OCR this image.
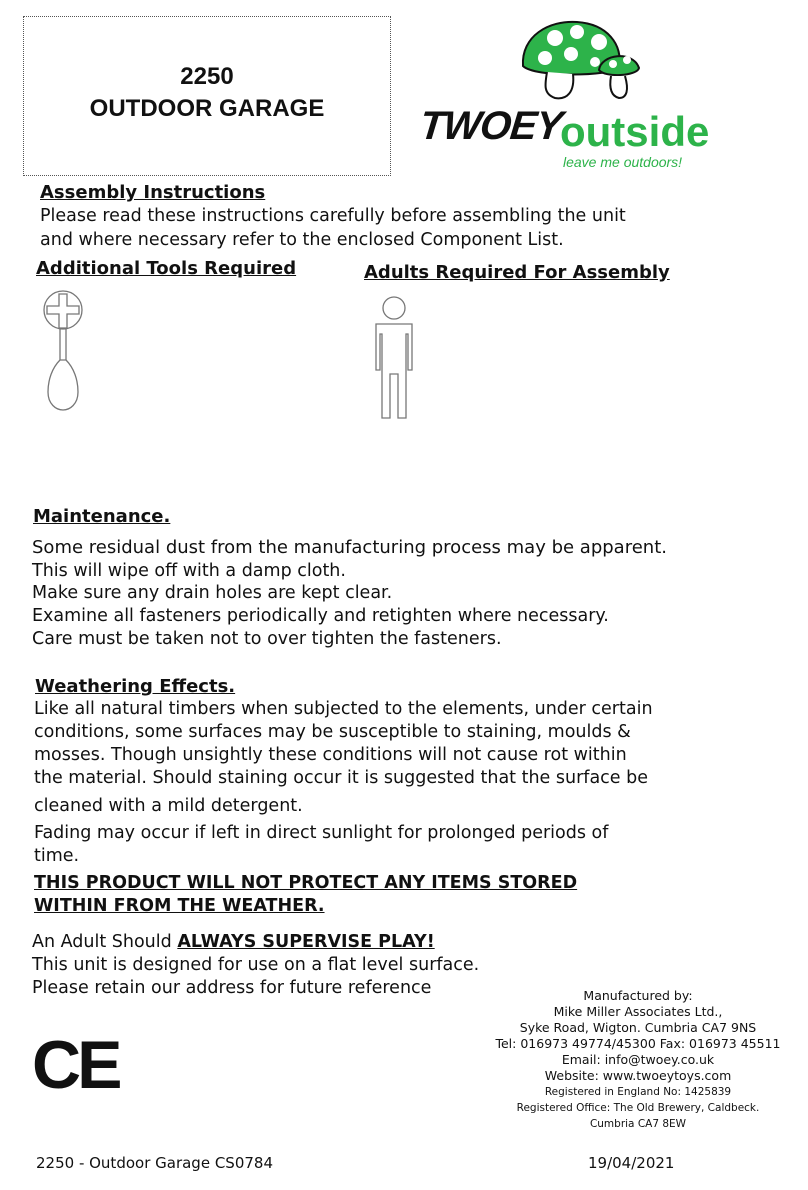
2250
OUTDOOR GARAGE	TWOEY
outside
leave me outdoors!
Assembly Instructions
Please read these instructions carefully before assembling the unit
and where necessary refer to the enclosed Component List.
Additional Tools Required	Adults Required For Assembly
Maintenance.
Some residual dust from the manufacturing process may be apparent.
This will wipe off with a damp cloth.
Make sure any drain holes are kept clear.
Examine all fasteners periodically and retighten where necessary.
Care must be taken not to over tighten the fasteners.
Weathering Effects.
Like all natural timbers when subjected to the elements, under certain
conditions, some surfaces may be susceptible to staining, moulds &
mosses. Though unsightly these conditions will not cause rot within
the material. Should staining occur it is suggested that the surface be
cleaned with a mild detergent.
Fading may occur if left in direct sunlight for prolonged periods of
time.
THIS PRODUCT WILL NOT PROTECT ANY ITEMS STORED
WITHIN FROM THE WEATHER.
An Adult Should ALWAYS SUPERVISE PLAY!
This unit is designed for use on a flat level surface.
Please retain our address for future reference	Manufactured by:
Mike Miller Associates Ltd.,
Syke Road, Wigton. Cumbria CA7 9NS
Tel: 016973 49774/45300 Fax: 016973 45511
Email: info@twoey.co.uk
Website: www.twoeytoys.com
Registered in England No: 1425839
Registered Office: The Old Brewery, Caldbeck.
Cumbria CA7 8EW
CE
2250 - Outdoor Garage CS0784	19/04/2021
